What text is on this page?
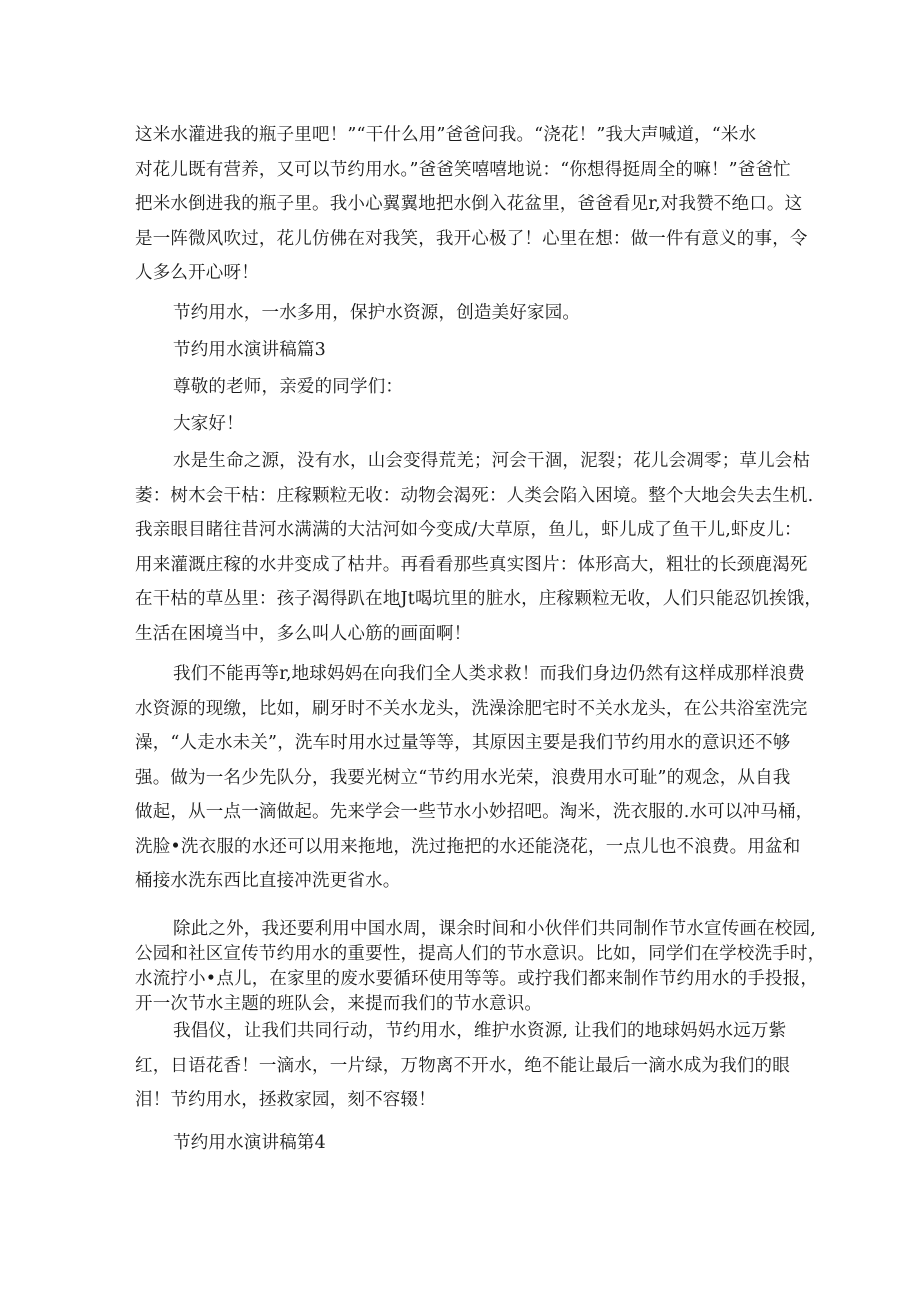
这米水灌进我的瓶子里吧！”“干什么用”爸爸问我。“浇花！”我大声喊道，“米水
对花儿既有营养，又可以节约用水。”爸爸笑嘻嘻地说：“你想得挺周全的嘛！”爸爸忙
把米水倒进我的瓶子里。我小心翼翼地把水倒入花盆里，爸爸看见r,对我赞不绝口。这
是一阵微风吹过，花儿仿佛在对我笑，我开心极了！心里在想：做一件有意义的事，令
人多么开心呀！
节约用水，一水多用，保护水资源，创造美好家园。
节约用水演讲稿篇3
尊敬的老师，亲爱的同学们：
大家好！
水是生命之源，没有水，山会变得荒羌；河会干涸，泥裂；花儿会凋零；草儿会枯
萎：树木会干枯：庄稼颗粒无收：动物会渴死：人类会陷入困境。整个大地会失去生机.
我亲眼目睹往昔河水满满的大沽河如今变成/大草原，鱼儿，虾儿成了鱼干儿,虾皮儿：
用来灌溉庄稼的水井变成了枯井。再看看那些真实图片：体形高大，粗壮的长颈鹿渴死
在干枯的草丛里：孩子渴得趴在地Jt喝坑里的脏水，庄稼颗粒无收，人们只能忍饥挨饿，
生活在困境当中，多么叫人心筋的画面啊！
我们不能再等r,地球妈妈在向我们全人类求救！而我们身边仍然有这样成那样浪费
水资源的现缴，比如，刷牙时不关水龙头，洗澡涂肥宅时不关水龙头，在公共浴室洗完
澡，“人走水未关”，洗车时用水过量等等，其原因主要是我们节约用水的意识还不够
强。做为一名少先队分，我要光树立“节约用水光荣，浪费用水可耻”的观念，从自我
做起，从一点一滴做起。先来学会一些节水小妙招吧。淘米，洗衣服的.水可以冲马桶，
洗脸•洗衣服的水还可以用来拖地，洗过拖把的水还能浇花，一点儿也不浪费。用盆和
桶接水洗东西比直接冲洗更省水。
除此之外，我还要利用中国水周，课余时间和小伙伴们共同制作节水宣传画在校园,
公园和社区宣传节约用水的重要性，提高人们的节水意识。比如，同学们在学校洗手时，
水流拧小•点儿，在家里的废水要循环使用等等。或拧我们都来制作节约用水的手投报，
开一次节水主题的班队会，来提而我们的节水意识。
我倡仪，让我们共同行动，节约用水，维护水资源, 让我们的地球妈妈水远万紫
红，日语花香！一滴水，一片绿，万物离不开水，绝不能让最后一滴水成为我们的眼
泪！节约用水，拯救家园，刻不容辍！
节约用水演讲稿第4
